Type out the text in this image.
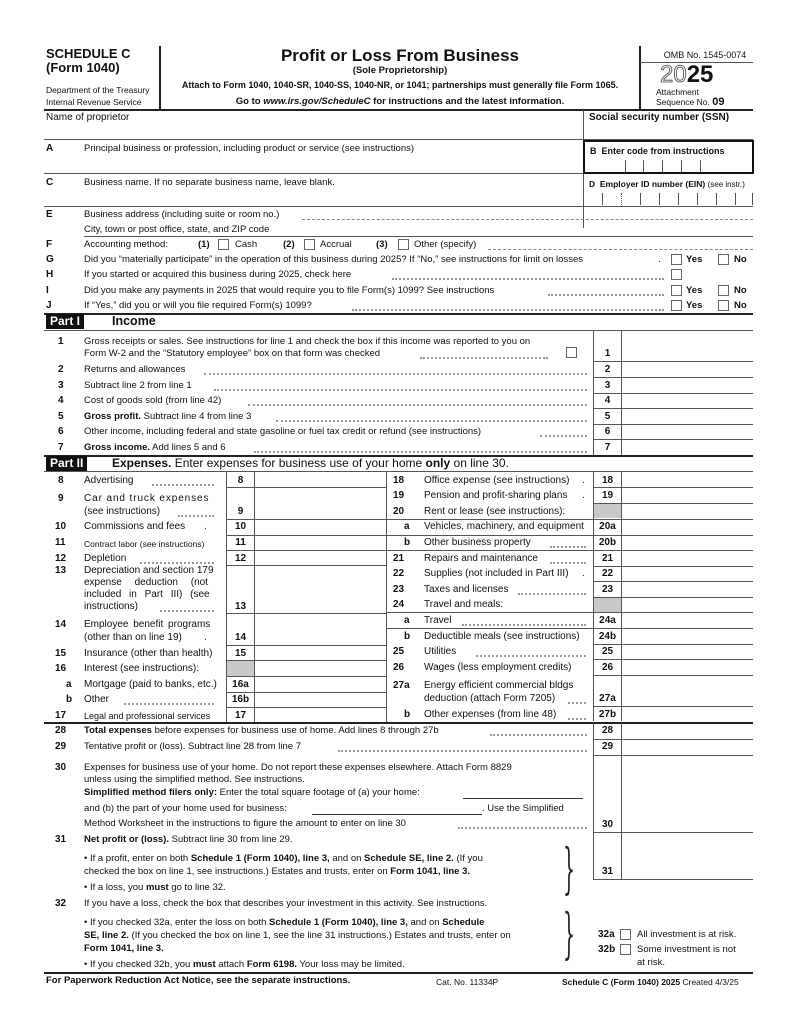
SCHEDULE C
(Form 1040)
Department of the Treasury
Internal Revenue Service
Profit or Loss From Business
(Sole Proprietorship)
Attach to Form 1040, 1040-SR, 1040-SS, 1040-NR, or 1041; partnerships must generally file Form 1065.
Go to www.irs.gov/ScheduleC for instructions and the latest information.
OMB No. 1545-0074
2025
Attachment
Sequence No. 09
Name of proprietor	Social security number (SSN)
A	Principal business or profession, including product or service (see instructions)	B Enter code from instructions
C	Business name. If no separate business name, leave blank.	D Employer ID number (EIN) (see instr.)
E	Business address (including suite or room no.)
City, town or post office, state, and ZIP code
F	Accounting method:	(1)	Cash	(2)	Accrual	(3)	Other (specify)
G	Did you “materially participate” in the operation of this business during 2025? If “No,” see instructions for limit on losses	.	Yes	No
H	If you started or acquired this business during 2025, check here
I	Did you make any payments in 2025 that would require you to file Form(s) 1099? See instructions	Yes	No
J	If “Yes,” did you or will you file required Form(s) 1099?	Yes	No
Part I	Income
1 Gross receipts or sales. See instructions for line 1 and check the box if this income was reported to you on
Form W-2 and the “Statutory employee” box on that form was checked	1
2 Returns and allowances	2
3 Subtract line 2 from line 1	3
4 Cost of goods sold (from line 42)	4
5 Gross profit. Subtract line 4 from line 3	5
6 Other income, including federal and state gasoline or fuel tax credit or refund (see instructions)	6
7 Gross income. Add lines 5 and 6	7
Part II	Expenses. Enter expenses for business use of your home only on line 30.
8 Advertising	8
9 Car and truck expenses
(see instructions)	9
10 Commissions and fees .	10
11 Contract labor (see instructions)	11
12 Depletion	12
13 Depreciation and section 179
expense deduction (not
included in Part III) (see
instructions)	13
14 Employee benefit programs
(other than on line 19) .	14
15 Insurance (other than health)	15
16 Interest (see instructions):
a Mortgage (paid to banks, etc.)	16a
b Other	16b
17 Legal and professional services	17
18 Office expense (see instructions) .	18
19 Pension and profit-sharing plans .	19
20 Rent or lease (see instructions):
a Vehicles, machinery, and equipment	20a
b Other business property	20b
21 Repairs and maintenance	21
22 Supplies (not included in Part III) .	22
23 Taxes and licenses	23
24 Travel and meals:
a Travel	24a
b Deductible meals (see instructions)	24b
25 Utilities	25
26 Wages (less employment credits)	26
27a Energy efficient commercial bldgs
deduction (attach Form 7205)	27a
b Other expenses (from line 48)	27b
28 Total expenses before expenses for business use of home. Add lines 8 through 27b	28
29 Tentative profit or (loss). Subtract line 28 from line 7	29
30 Expenses for business use of your home. Do not report these expenses elsewhere. Attach Form 8829
unless using the simplified method. See instructions.
Simplified method filers only: Enter the total square footage of (a) your home:
and (b) the part of your home used for business:	. Use the Simplified
Method Worksheet in the instructions to figure the amount to enter on line 30	30
31 Net profit or (loss). Subtract line 30 from line 29.
• If a profit, enter on both Schedule 1 (Form 1040), line 3, and on Schedule SE, line 2. (If you
checked the box on line 1, see instructions.) Estates and trusts, enter on Form 1041, line 3.
• If a loss, you must go to line 32.	}	31
32 If you have a loss, check the box that describes your investment in this activity. See instructions.
• If you checked 32a, enter the loss on both Schedule 1 (Form 1040), line 3, and on Schedule
SE, line 2. (If you checked the box on line 1, see the line 31 instructions.) Estates and trusts, enter on
Form 1041, line 3.
• If you checked 32b, you must attach Form 6198. Your loss may be limited.	} 32a All investment is at risk.
32b Some investment is not
at risk.
For Paperwork Reduction Act Notice, see the separate instructions.	Cat. No. 11334P	Schedule C (Form 1040) 2025 Created 4/3/25
